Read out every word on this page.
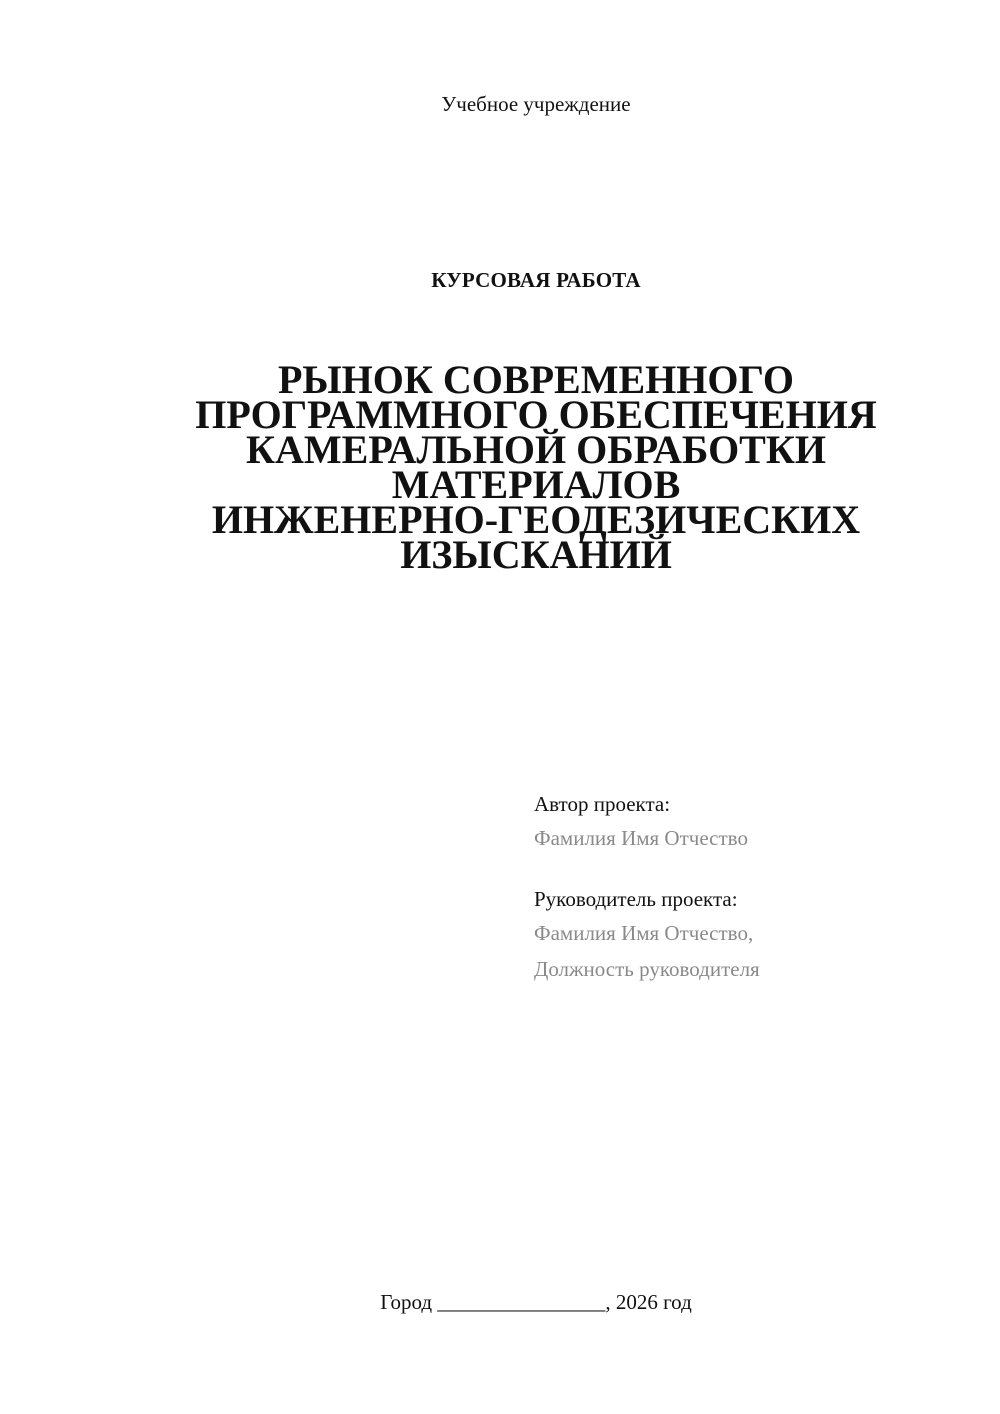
Учебное учреждение
КУРСОВАЯ РАБОТА
РЫНОК СОВРЕМЕННОГО
ПРОГРАММНОГО ОБЕСПЕЧЕНИЯ
КАМЕРАЛЬНОЙ ОБРАБОТКИ
МАТЕРИАЛОВ
ИНЖЕНЕРНО-ГЕОДЕЗИЧЕСКИХ
ИЗЫСКАНИЙ
Автор проекта:
Фамилия Имя Отчество
Руководитель проекта:
Фамилия Имя Отчество,
Должность руководителя
Город ________________, 2026 год
